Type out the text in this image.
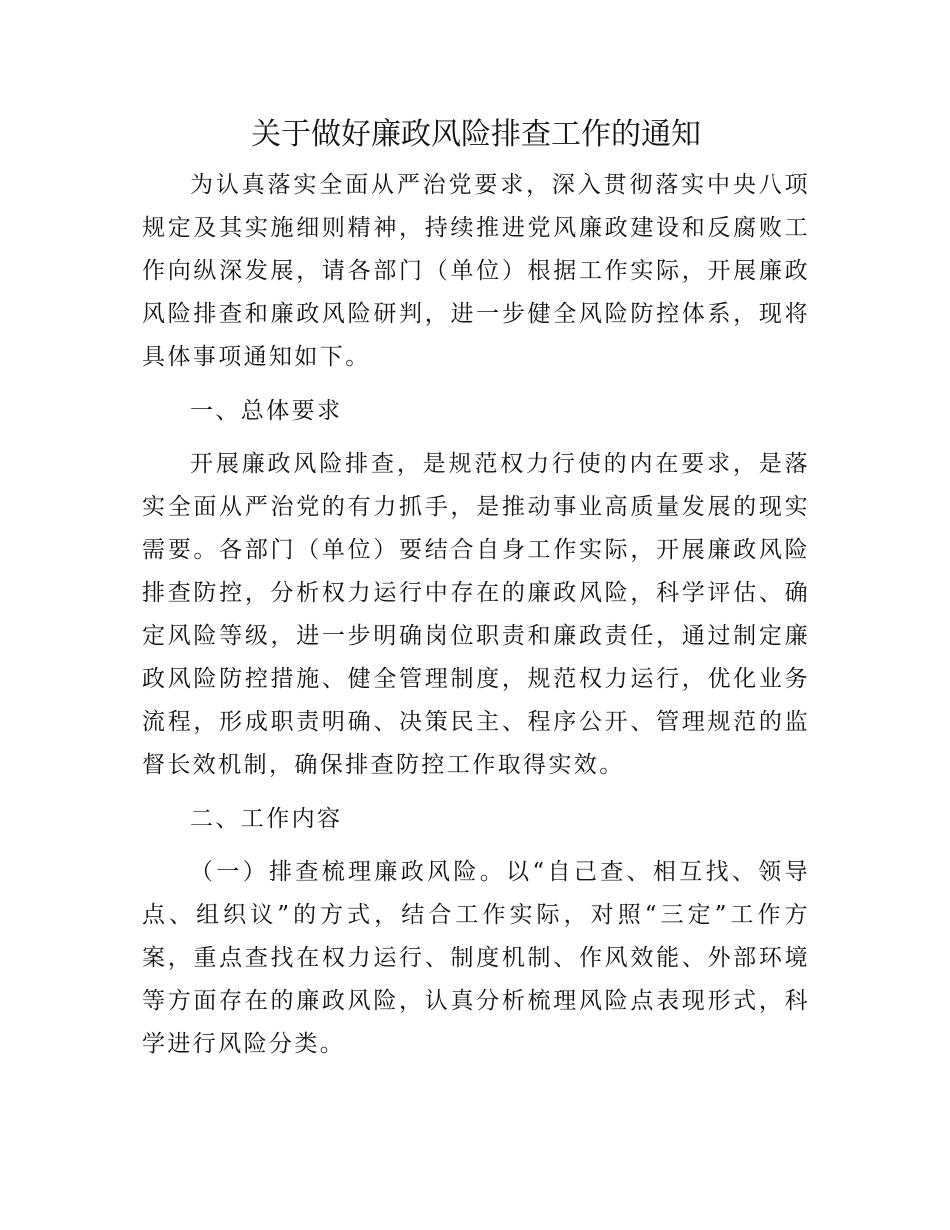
关于做好廉政风险排查工作的通知

为认真落实全面从严治党要求，深入贯彻落实中央八项规定及其实施细则精神，持续推进党风廉政建设和反腐败工作向纵深发展，请各部门（单位）根据工作实际，开展廉政风险排查和廉政风险研判，进一步健全风险防控体系，现将具体事项通知如下。

一、总体要求

开展廉政风险排查，是规范权力行使的内在要求，是落实全面从严治党的有力抓手，是推动事业高质量发展的现实需要。各部门（单位）要结合自身工作实际，开展廉政风险排查防控，分析权力运行中存在的廉政风险，科学评估、确定风险等级，进一步明确岗位职责和廉政责任，通过制定廉政风险防控措施、健全管理制度，规范权力运行，优化业务流程，形成职责明确、决策民主、程序公开、管理规范的监督长效机制，确保排查防控工作取得实效。

二、工作内容

（一）排查梳理廉政风险。以“自己查、相互找、领导点、组织议”的方式，结合工作实际，对照“三定”工作方案，重点查找在权力运行、制度机制、作风效能、外部环境等方面存在的廉政风险，认真分析梳理风险点表现形式，科学进行风险分类。
